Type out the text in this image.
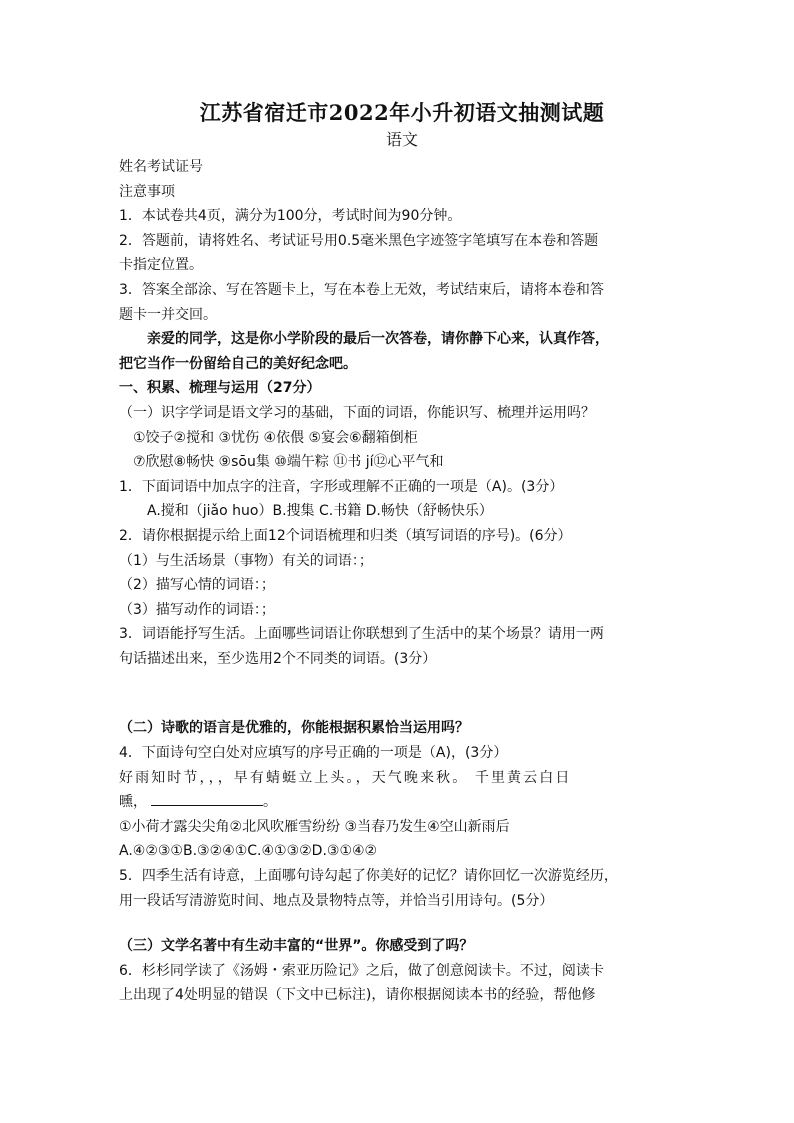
江苏省宿迁市2022年小升初语文抽测试题

语文

姓名考试证号

注意事项

1．本试卷共4页，满分为100分，考试时间为90分钟。

2．答题前，请将姓名、考试证号用0.5毫米黑色字迹签字笔填写在本卷和答题

卡指定位置。

3．答案全部涂、写在答题卡上，写在本卷上无效，考试结束后，请将本卷和答

题卡一并交回。

亲爱的同学，这是你小学阶段的最后一次答卷，请你静下心来，认真作答，

把它当作一份留给自己的美好纪念吧。

一、积累、梳理与运用（27分）

（一）识字学词是语文学习的基础，下面的词语，你能识写、梳理并运用吗？

①饺子②搅和 ③忧伤 ④依偎 ⑤宴会⑥翻箱倒柜

⑦欣慰⑧畅快 ⑨sōu集 ⑩端午粽 ⑪书 jí⑫心平气和

1．下面词语中加点字的注音，字形或理解不正确的一项是（A)。(3分）

A.搅和（jiǎo huo）B.搜集 C.书籍 D.畅快（舒畅快乐）

2．请你根据提示给上面12个词语梳理和归类（填写词语的序号)。(6分）

（1）与生活场景（事物）有关的词语：；

（2）描写心情的词语：；

（3）描写动作的词语：；

3．词语能抒写生活。上面哪些词语让你联想到了生活中的某个场景？请用一两

句话描述出来，至少选用2个不同类的词语。(3分）

（二）诗歌的语言是优雅的，你能根据积累恰当运用吗？

4．下面诗句空白处对应填写的序号正确的一项是（A)，(3分）

好雨知时节，，，早有蜻蜓立上头。，天气晚来秋。 千里黄云白日

曛，	。

①小荷才露尖尖角②北风吹雁雪纷纷 ③当春乃发生④空山新雨后

A.④②③①B.③②④①C.④①③②D.③①④②

5．四季生活有诗意，上面哪句诗勾起了你美好的记忆？请你回忆一次游览经历，

用一段话写清游览时间、地点及景物特点等，并恰当引用诗句。(5分）

（三）文学名著中有生动丰富的“世界”。你感受到了吗？

6．杉杉同学读了《汤姆・索亚历险记》之后，做了创意阅读卡。不过，阅读卡

上出现了4处明显的错误（下文中已标注)，请你根据阅读本书的经验，帮他修
